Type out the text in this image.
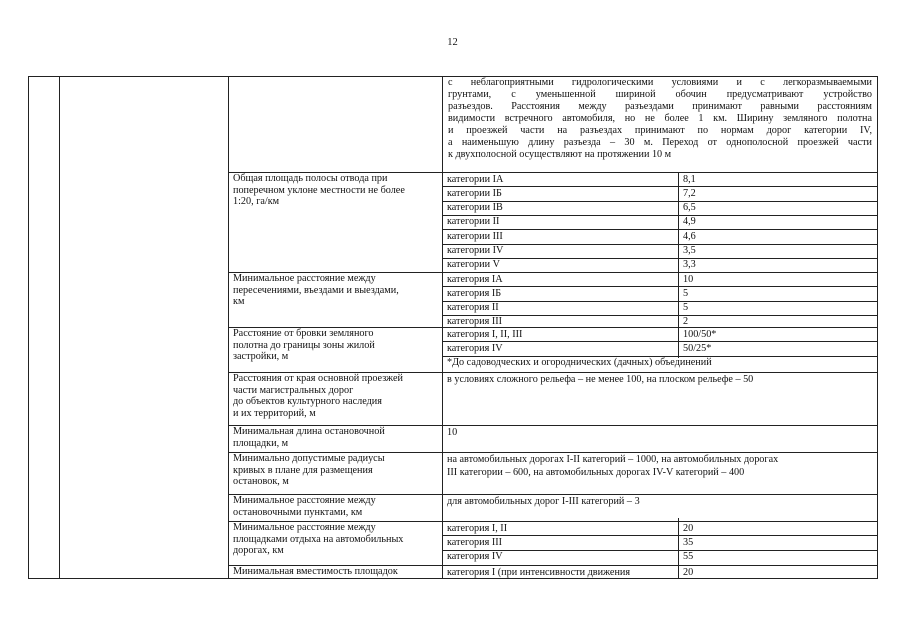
12
с неблагоприятными гидрологическими условиями и с легкоразмываемыми
грунтами, с уменьшенной шириной обочин предусматривают устройство
разъездов. Расстояния между разъездами принимают равными расстояниям
видимости встречного автомобиля, но не более 1 км. Ширину земляного полотна
и проезжей части на разъездах принимают по нормам дорог категории IV,
а наименьшую длину разъезда – 30 м. Переход от однополосной проезжей части
к двухполосной осуществляют на протяжении 10 м
Общая площадь полосы отвода при
поперечном уклоне местности не более
1:20, га/км
категории IA	8,1
категории IБ	7,2
категории IB	6,5
категории II	4,9
категории III	4,6
категории IV	3,5
категории V	3,3
Минимальное расстояние между
пересечениями, въездами и выездами,
км
категория IA	10
категория IБ	5
категория II	5
категория III	2
Расстояние от бровки земляного
полотна до границы зоны жилой
застройки, м
категория I, II, III	100/50*
категория IV	50/25*
*До садоводческих и огороднических (дачных) объединений
Расстояния от края основной проезжей
части магистральных дорог
до объектов культурного наследия
и их территорий, м
в условиях сложного рельефа – не менее 100, на плоском рельефе – 50
Минимальная длина остановочной
площадки, м
10
Минимально допустимые радиусы
кривых в плане для размещения
остановок, м
на автомобильных дорогах I-II категорий – 1000, на автомобильных дорогах
III категории – 600, на автомобильных дорогах IV-V категорий – 400
Минимальное расстояние между
остановочными пунктами, км
для автомобильных дорог I-III категорий – 3
Минимальное расстояние между
площадками отдыха на автомобильных
дорогах, км
категория I, II	20
категория III	35
категория IV	55
Минимальная вместимость площадок	категория I (при интенсивности движения	20
